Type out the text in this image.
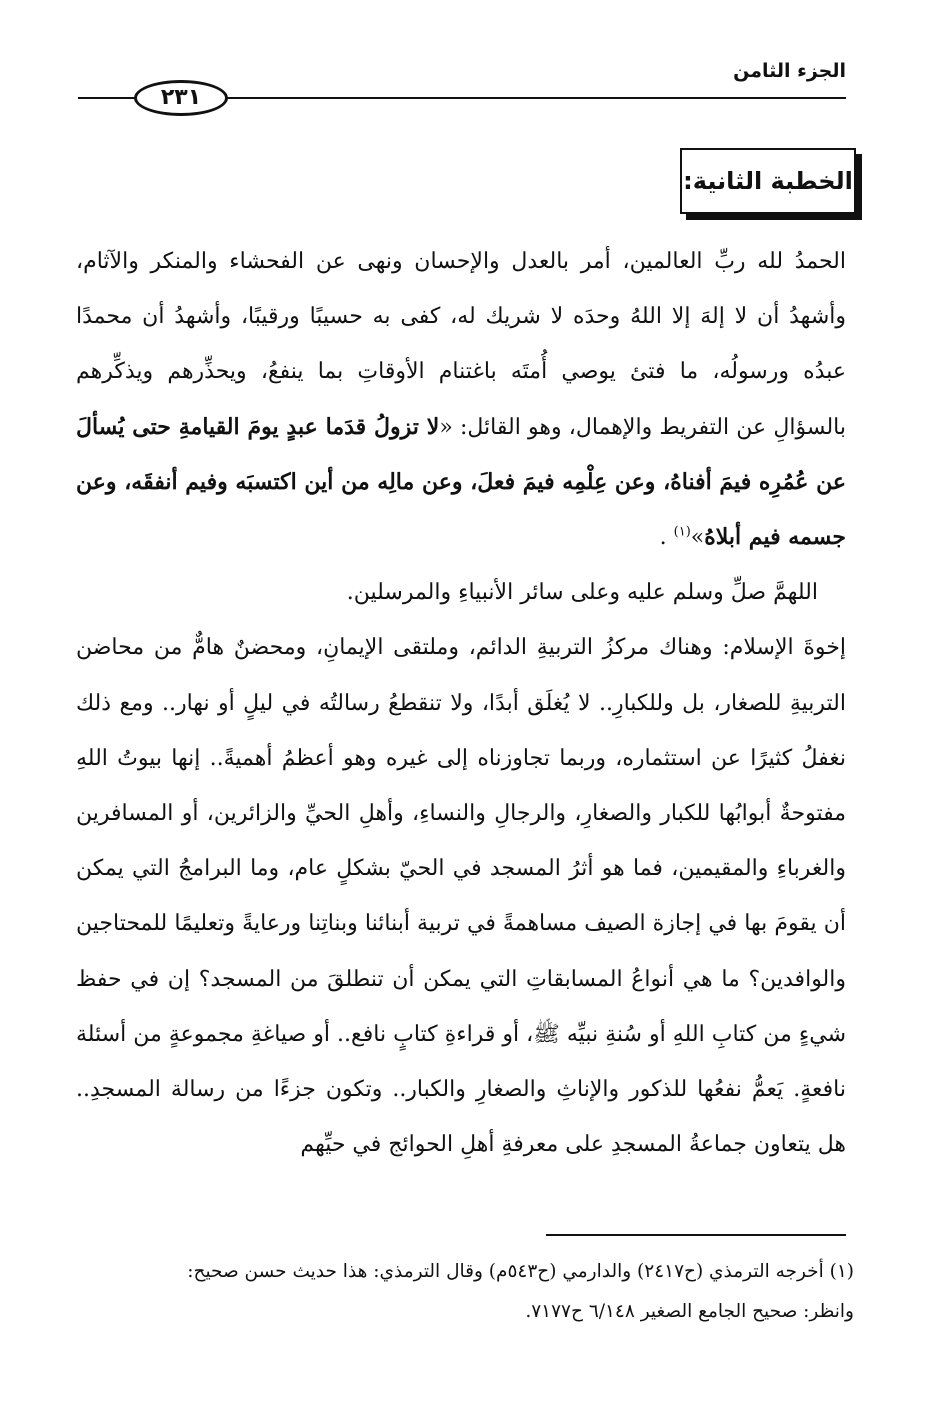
الجزء الثامن
٢٣١
الخطبة الثانية:

الحمدُ لله ربِّ العالمين، أمر بالعدل والإحسان ونهى عن الفحشاء والمنكر والآثام، وأشهدُ أن لا إلهَ إلا اللهُ وحدَه لا شريك له، كفى به حسيبًا ورقيبًا، وأشهدُ أن محمدًا عبدُه ورسولُه، ما فتئ يوصي أُمتَه باغتنام الأوقاتِ بما ينفعُ، ويحذِّرهم ويذكِّرهم بالسؤالِ عن التفريط والإهمال، وهو القائل: «لا تزولُ قدَما عبدٍ يومَ القيامةِ حتى يُسألَ عن عُمُرِه فيمَ أفناهُ، وعن عِلْمِه فيمَ فعلَ، وعن مالِه من أين اكتسبَه وفيم أنفقَه، وعن جسمه فيم أبلاهُ»$^{(١)}$ .

اللهمَّ صلِّ وسلم عليه وعلى سائر الأنبياءِ والمرسلين.

إخوةَ الإسلام: وهناك مركزُ التربيةِ الدائم، وملتقى الإيمانِ، ومحضنٌ هامٌّ من محاضن التربيةِ للصغار، بل وللكبارِ.. لا يُغلَق أبدًا، ولا تنقطعُ رسالتُه في ليلٍ أو نهار.. ومع ذلك نغفلُ كثيرًا عن استثماره، وربما تجاوزناه إلى غيره وهو أعظمُ أهميةً.. إنها بيوتُ اللهِ مفتوحةٌ أبوابُها للكبار والصغارِ، والرجالِ والنساءِ، وأهلِ الحيِّ والزائرين، أو المسافرين والغرباءِ والمقيمين، فما هو أثرُ المسجد في الحيّ بشكلٍ عام، وما البرامجُ التي يمكن أن يقومَ بها في إجازة الصيف مساهمةً في تربية أبنائنا وبناتِنا ورعايةً وتعليمًا للمحتاجين والوافدين؟ ما هي أنواعُ المسابقاتِ التي يمكن أن تنطلقَ من المسجد؟ إن في حفظ شيءٍ من كتابِ اللهِ أو سُنةِ نبيِّه ﷺ، أو قراءةِ كتابٍ نافع.. أو صياغةِ مجموعةٍ من أسئلة نافعةٍ. يَعمُّ نفعُها للذكور والإناثِ والصغارِ والكبار.. وتكون جزءًا من رسالة المسجدِ.. هل يتعاون جماعةُ المسجدِ على معرفةِ أهلِ الحوائج في حيِّهم

(١) أخرجه الترمذي (ح٢٤١٧) والدارمي (ح٥٤٣م) وقال الترمذي: هذا حديث حسن صحيح:

وانظر: صحيح الجامع الصغير ٦/١٤٨ ح٧١٧٧.
